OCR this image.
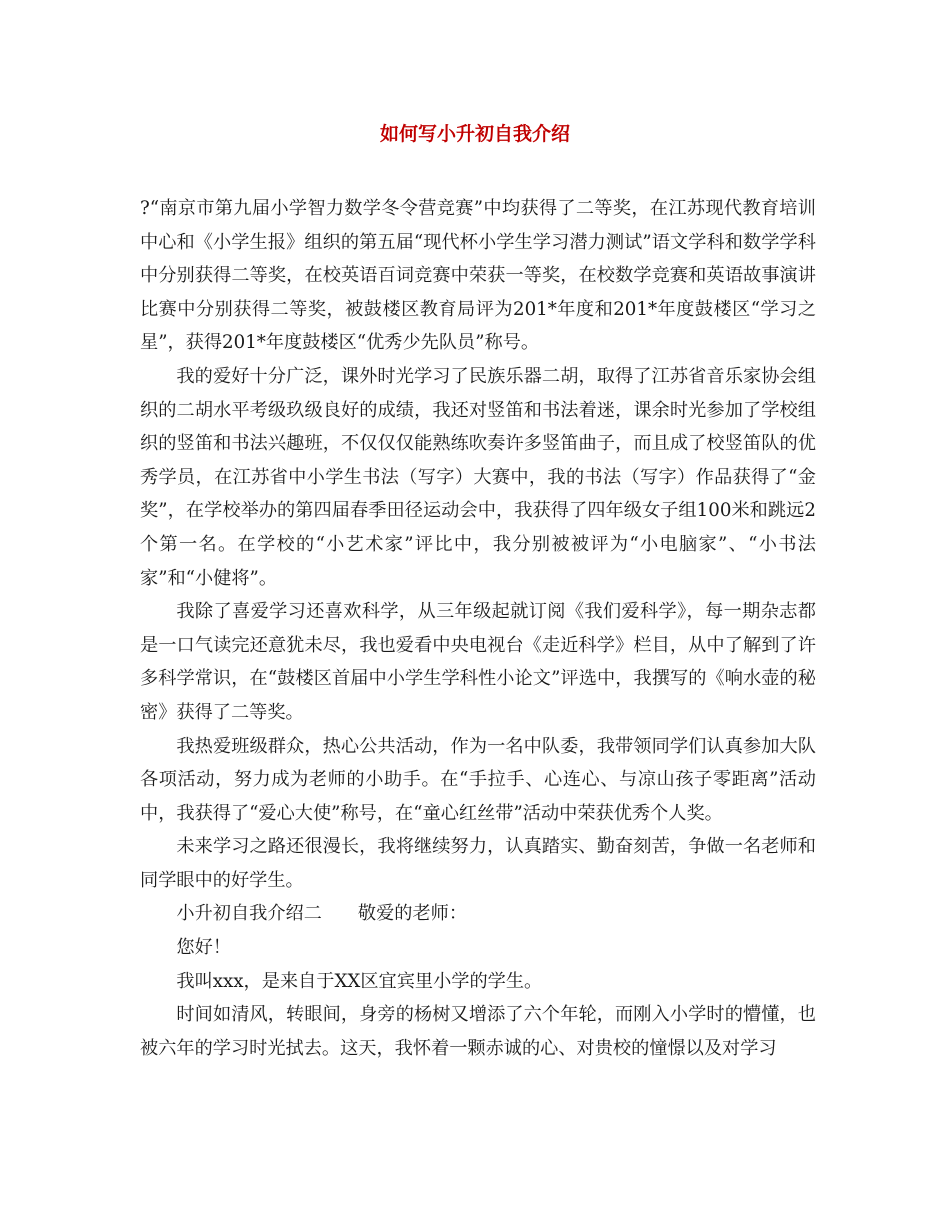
如何写小升初自我介绍

?“南京市第九届小学智力数学冬令营竞赛”中均获得了二等奖，在江苏现代教育培训中心和《小学生报》组织的第五届“现代杯小学生学习潜力测试”语文学科和数学学科中分别获得二等奖，在校英语百词竞赛中荣获一等奖，在校数学竞赛和英语故事演讲比赛中分别获得二等奖，被鼓楼区教育局评为201*年度和201*年度鼓楼区“学习之星”，获得201*年度鼓楼区“优秀少先队员”称号。

我的爱好十分广泛，课外时光学习了民族乐器二胡，取得了江苏省音乐家协会组织的二胡水平考级玖级良好的成绩，我还对竖笛和书法着迷，课余时光参加了学校组织的竖笛和书法兴趣班，不仅仅仅能熟练吹奏许多竖笛曲子，而且成了校竖笛队的优秀学员，在江苏省中小学生书法（写字）大赛中，我的书法（写字）作品获得了“金奖”，在学校举办的第四届春季田径运动会中，我获得了四年级女子组100米和跳远2个第一名。在学校的“小艺术家”评比中，我分别被被评为“小电脑家”、“小书法家”和“小健将”。

我除了喜爱学习还喜欢科学，从三年级起就订阅《我们爱科学》，每一期杂志都是一口气读完还意犹未尽，我也爱看中央电视台《走近科学》栏目，从中了解到了许多科学常识，在“鼓楼区首届中小学生学科性小论文”评选中，我撰写的《响水壶的秘密》获得了二等奖。

我热爱班级群众，热心公共活动，作为一名中队委，我带领同学们认真参加大队各项活动，努力成为老师的小助手。在“手拉手、心连心、与凉山孩子零距离”活动中，我获得了“爱心大使”称号，在“童心红丝带”活动中荣获优秀个人奖。

未来学习之路还很漫长，我将继续努力，认真踏实、勤奋刻苦，争做一名老师和同学眼中的好学生。

小升初自我介绍二 敬爱的老师：

您好！

我叫xxx，是来自于XX区宜宾里小学的学生。

时间如清风，转眼间，身旁的杨树又增添了六个年轮，而刚入小学时的懵懂，也被六年的学习时光拭去。这天，我怀着一颗赤诚的心、对贵校的憧憬以及对学习
